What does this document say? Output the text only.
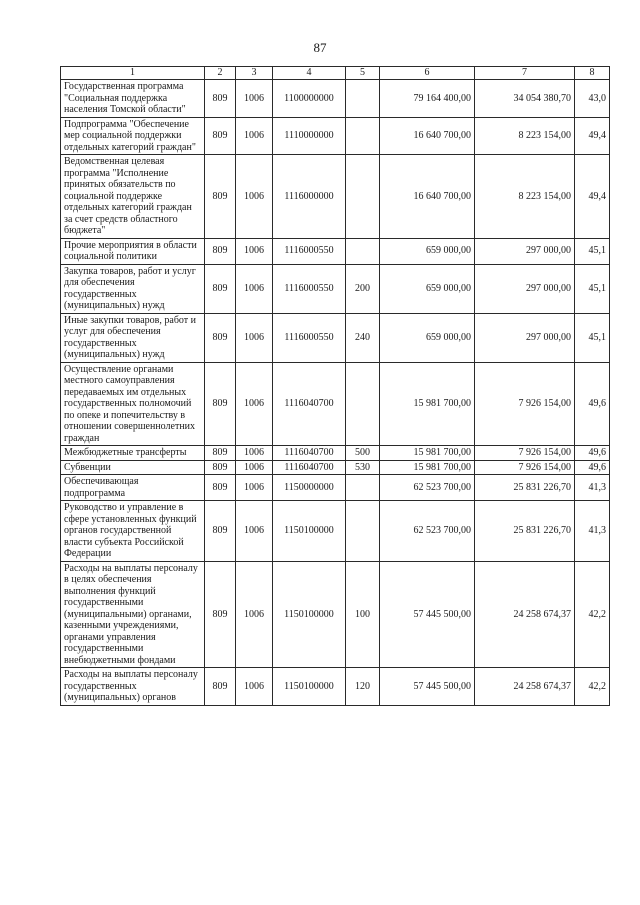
87
1	2	3	4	5	6	7	8
Государственная программа "Социальная поддержка населения Томской области"	809	1006	1100000000		79 164 400,00	34 054 380,70	43,0
Подпрограмма "Обеспечение мер социальной поддержки отдельных категорий граждан"	809	1006	1110000000		16 640 700,00	8 223 154,00	49,4
Ведомственная целевая программа "Исполнение принятых обязательств по социальной поддержке отдельных категорий граждан за счет средств областного бюджета"	809	1006	1116000000		16 640 700,00	8 223 154,00	49,4
Прочие мероприятия в области социальной политики	809	1006	1116000550		659 000,00	297 000,00	45,1
Закупка товаров, работ и услуг для обеспечения государственных (муниципальных) нужд	809	1006	1116000550	200	659 000,00	297 000,00	45,1
Иные закупки товаров, работ и услуг для обеспечения государственных (муниципальных) нужд	809	1006	1116000550	240	659 000,00	297 000,00	45,1
Осуществление органами местного самоуправления передаваемых им отдельных государственных полномочий по опеке и попечительству в отношении совершеннолетних граждан	809	1006	1116040700		15 981 700,00	7 926 154,00	49,6
Межбюджетные трансферты	809	1006	1116040700	500	15 981 700,00	7 926 154,00	49,6
Субвенции	809	1006	1116040700	530	15 981 700,00	7 926 154,00	49,6
Обеспечивающая подпрограмма	809	1006	1150000000		62 523 700,00	25 831 226,70	41,3
Руководство и управление в сфере установленных функций органов государственной власти субъекта Российской Федерации	809	1006	1150100000		62 523 700,00	25 831 226,70	41,3
Расходы на выплаты персоналу в целях обеспечения выполнения функций государственными (муниципальными) органами, казенными учреждениями, органами управления государственными внебюджетными фондами	809	1006	1150100000	100	57 445 500,00	24 258 674,37	42,2
Расходы на выплаты персоналу государственных (муниципальных) органов	809	1006	1150100000	120	57 445 500,00	24 258 674,37	42,2
